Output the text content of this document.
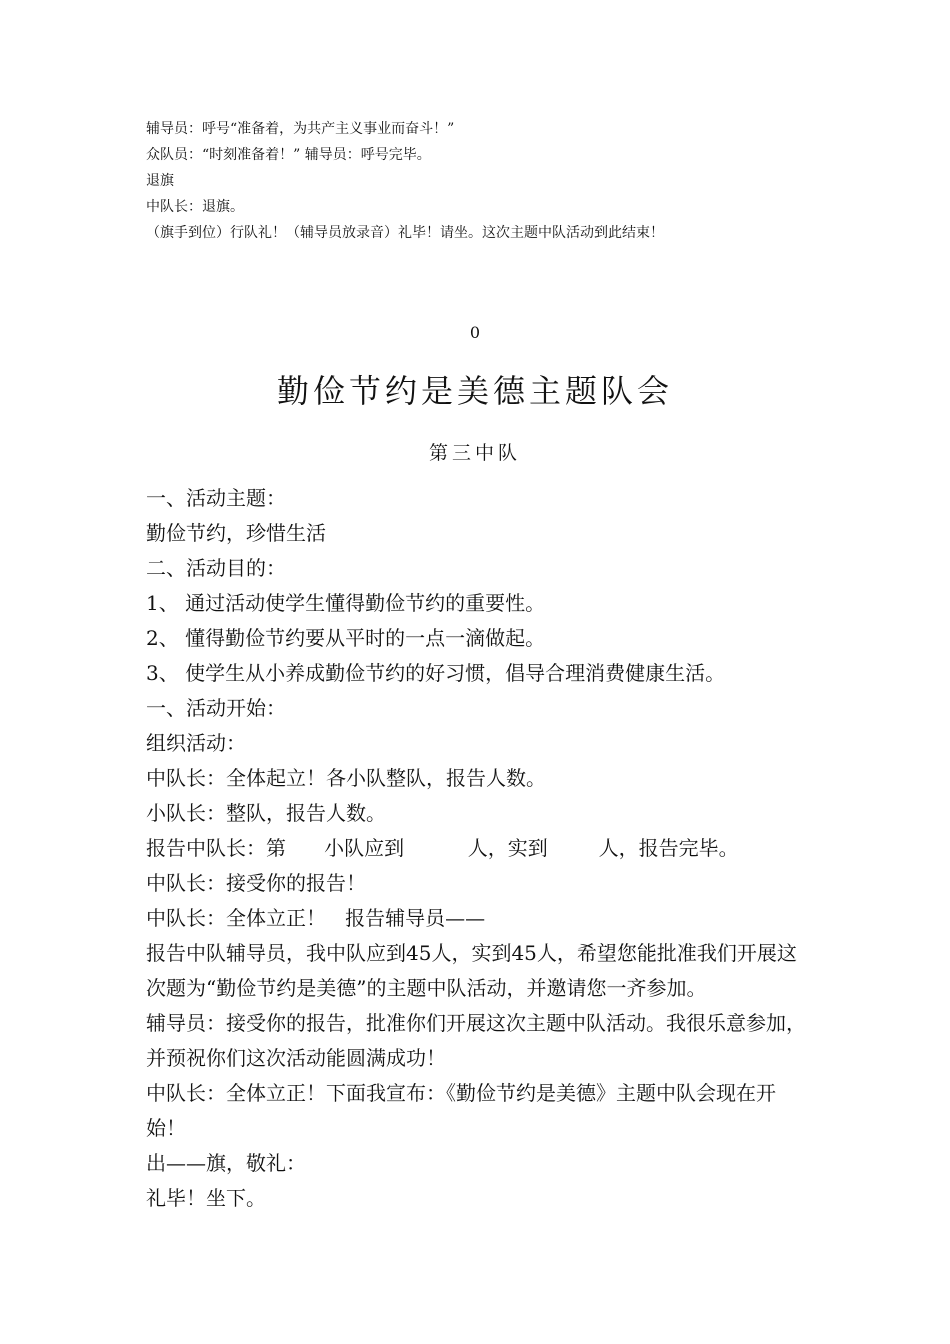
辅导员：呼号“准备着，为共产主义事业而奋斗！”
众队员：“时刻准备着！” 辅导员：呼号完毕。
退旗
中队长：退旗。
（旗手到位）行队礼！（辅导员放录音）礼毕！请坐。这次主题中队活动到此结束！
0
勤俭节约是美德主题队会
第三中队
一、活动主题：
勤俭节约，珍惜生活
二、活动目的：
1、 通过活动使学生懂得勤俭节约的重要性。
2、 懂得勤俭节约要从平时的一点一滴做起。
3、 使学生从小养成勤俭节约的好习惯，倡导合理消费健康生活。
一、活动开始：
组织活动：
中队长：全体起立！各小队整队，报告人数。
小队长：整队，报告人数。
报告中队长：第      小队应到          人，实到        人，报告完毕。
中队长：接受你的报告！
中队长：全体立正！   报告辅导员——
报告中队辅导员，我中队应到45人，实到45人，希望您能批准我们开展这次题为“勤俭节约是美德”的主题中队活动，并邀请您一齐参加。
辅导员：接受你的报告，批准你们开展这次主题中队活动。我很乐意参加，并预祝你们这次活动能圆满成功！
中队长：全体立正！下面我宣布：《勤俭节约是美德》主题中队会现在开始！
出——旗，敬礼：
礼毕！坐下。
